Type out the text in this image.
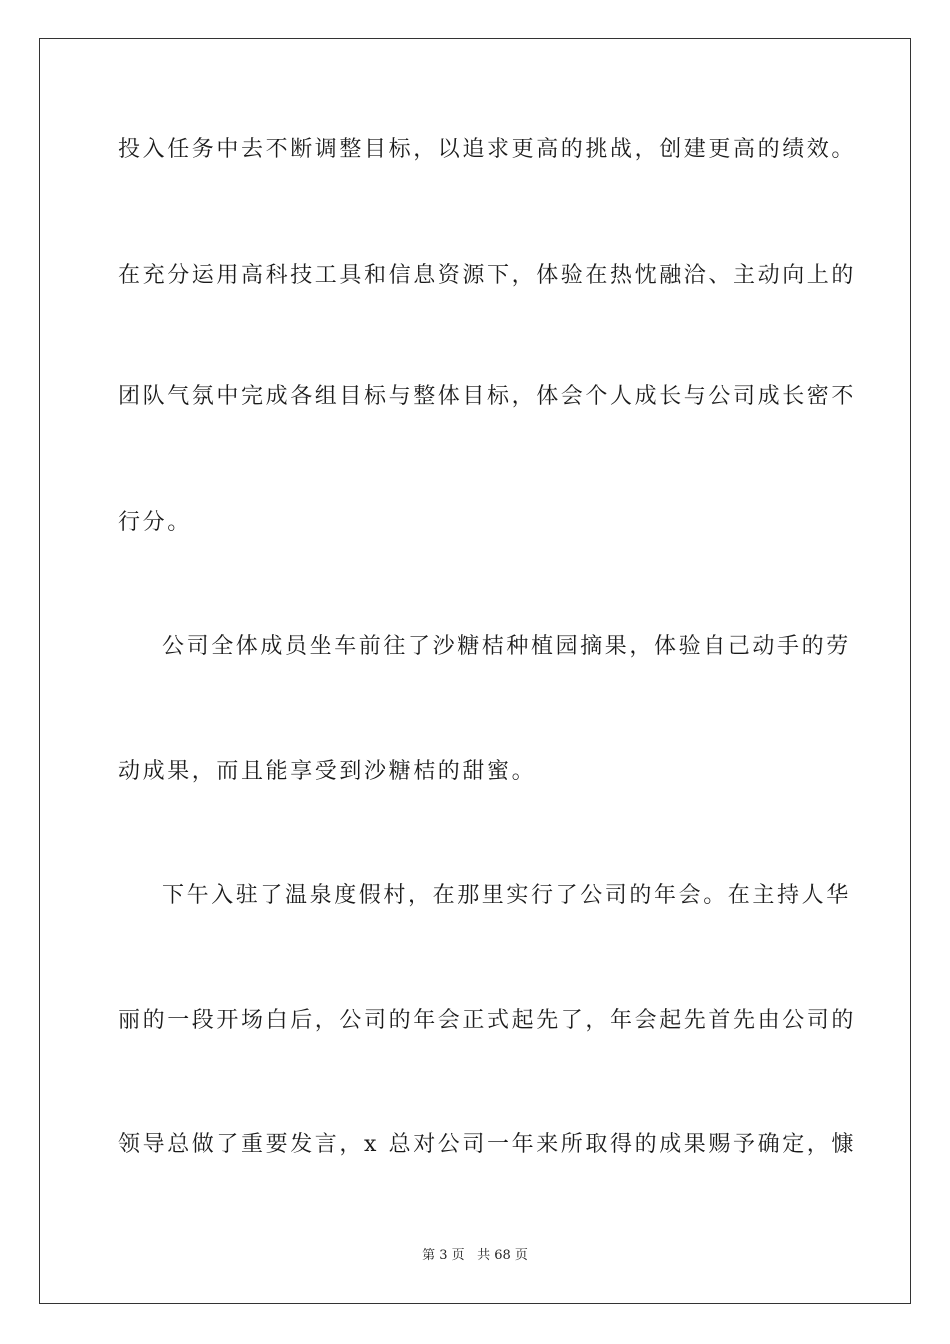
投入任务中去不断调整目标，以追求更高的挑战，创建更高的绩效。
在充分运用高科技工具和信息资源下，体验在热忱融洽、主动向上的
团队气氛中完成各组目标与整体目标，体会个人成长与公司成长密不
行分。
公司全体成员坐车前往了沙糖桔种植园摘果，体验自己动手的劳
动成果，而且能享受到沙糖桔的甜蜜。
下午入驻了温泉度假村，在那里实行了公司的年会。在主持人华
丽的一段开场白后，公司的年会正式起先了，年会起先首先由公司的
领导总做了重要发言，x 总对公司一年来所取得的成果赐予确定，慷
第 3 页 共 68 页
